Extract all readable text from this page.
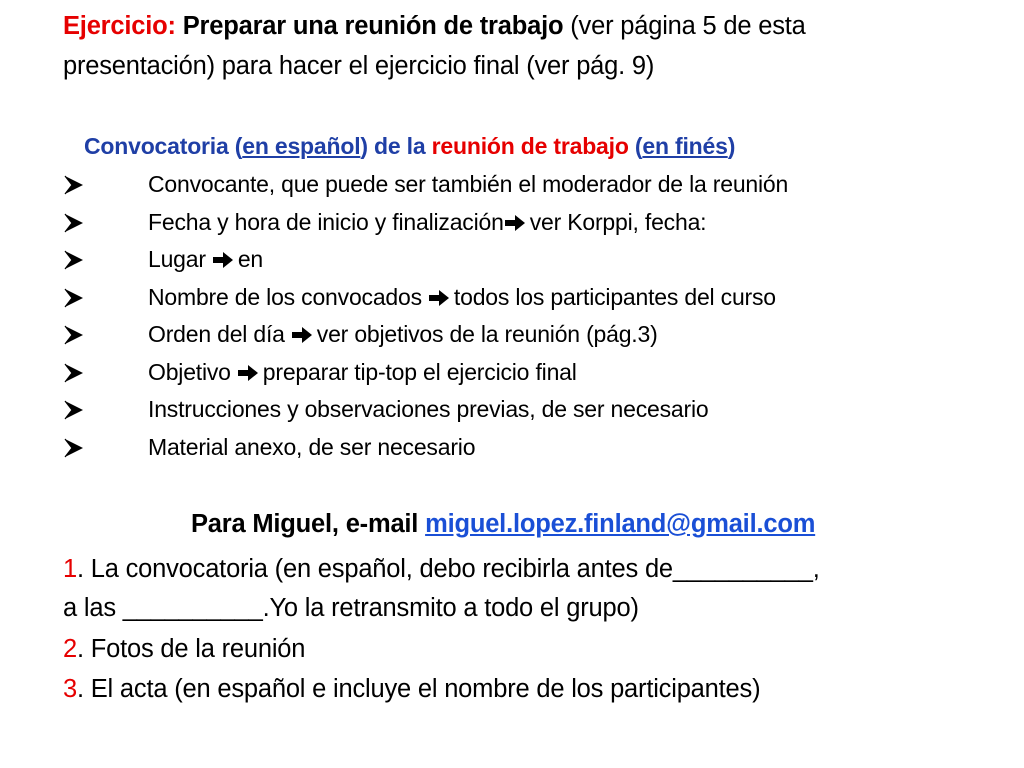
Ejercicio: Preparar una reunión de trabajo (ver página 5 de esta
presentación) para hacer el ejercicio final (ver pág. 9)
Convocatoria (en español) de la reunión de trabajo (en finés)
Convocante, que puede ser también el moderador de la reunión
Fecha y hora de inicio y finalización ver Korppi, fecha:
Lugar en
Nombre de los convocados todos los participantes del curso
Orden del día ver objetivos de la reunión (pág.3)
Objetivo preparar tip-top el ejercicio final
Instrucciones y observaciones previas, de ser necesario
Material anexo, de ser necesario
Para Miguel, e-mail miguel.lopez.finland@gmail.com
1. La convocatoria (en español, debo recibirla antes de__________,
a las __________.Yo la retransmito a todo el grupo)
2. Fotos de la reunión
3. El acta (en español e incluye el nombre de los participantes)
